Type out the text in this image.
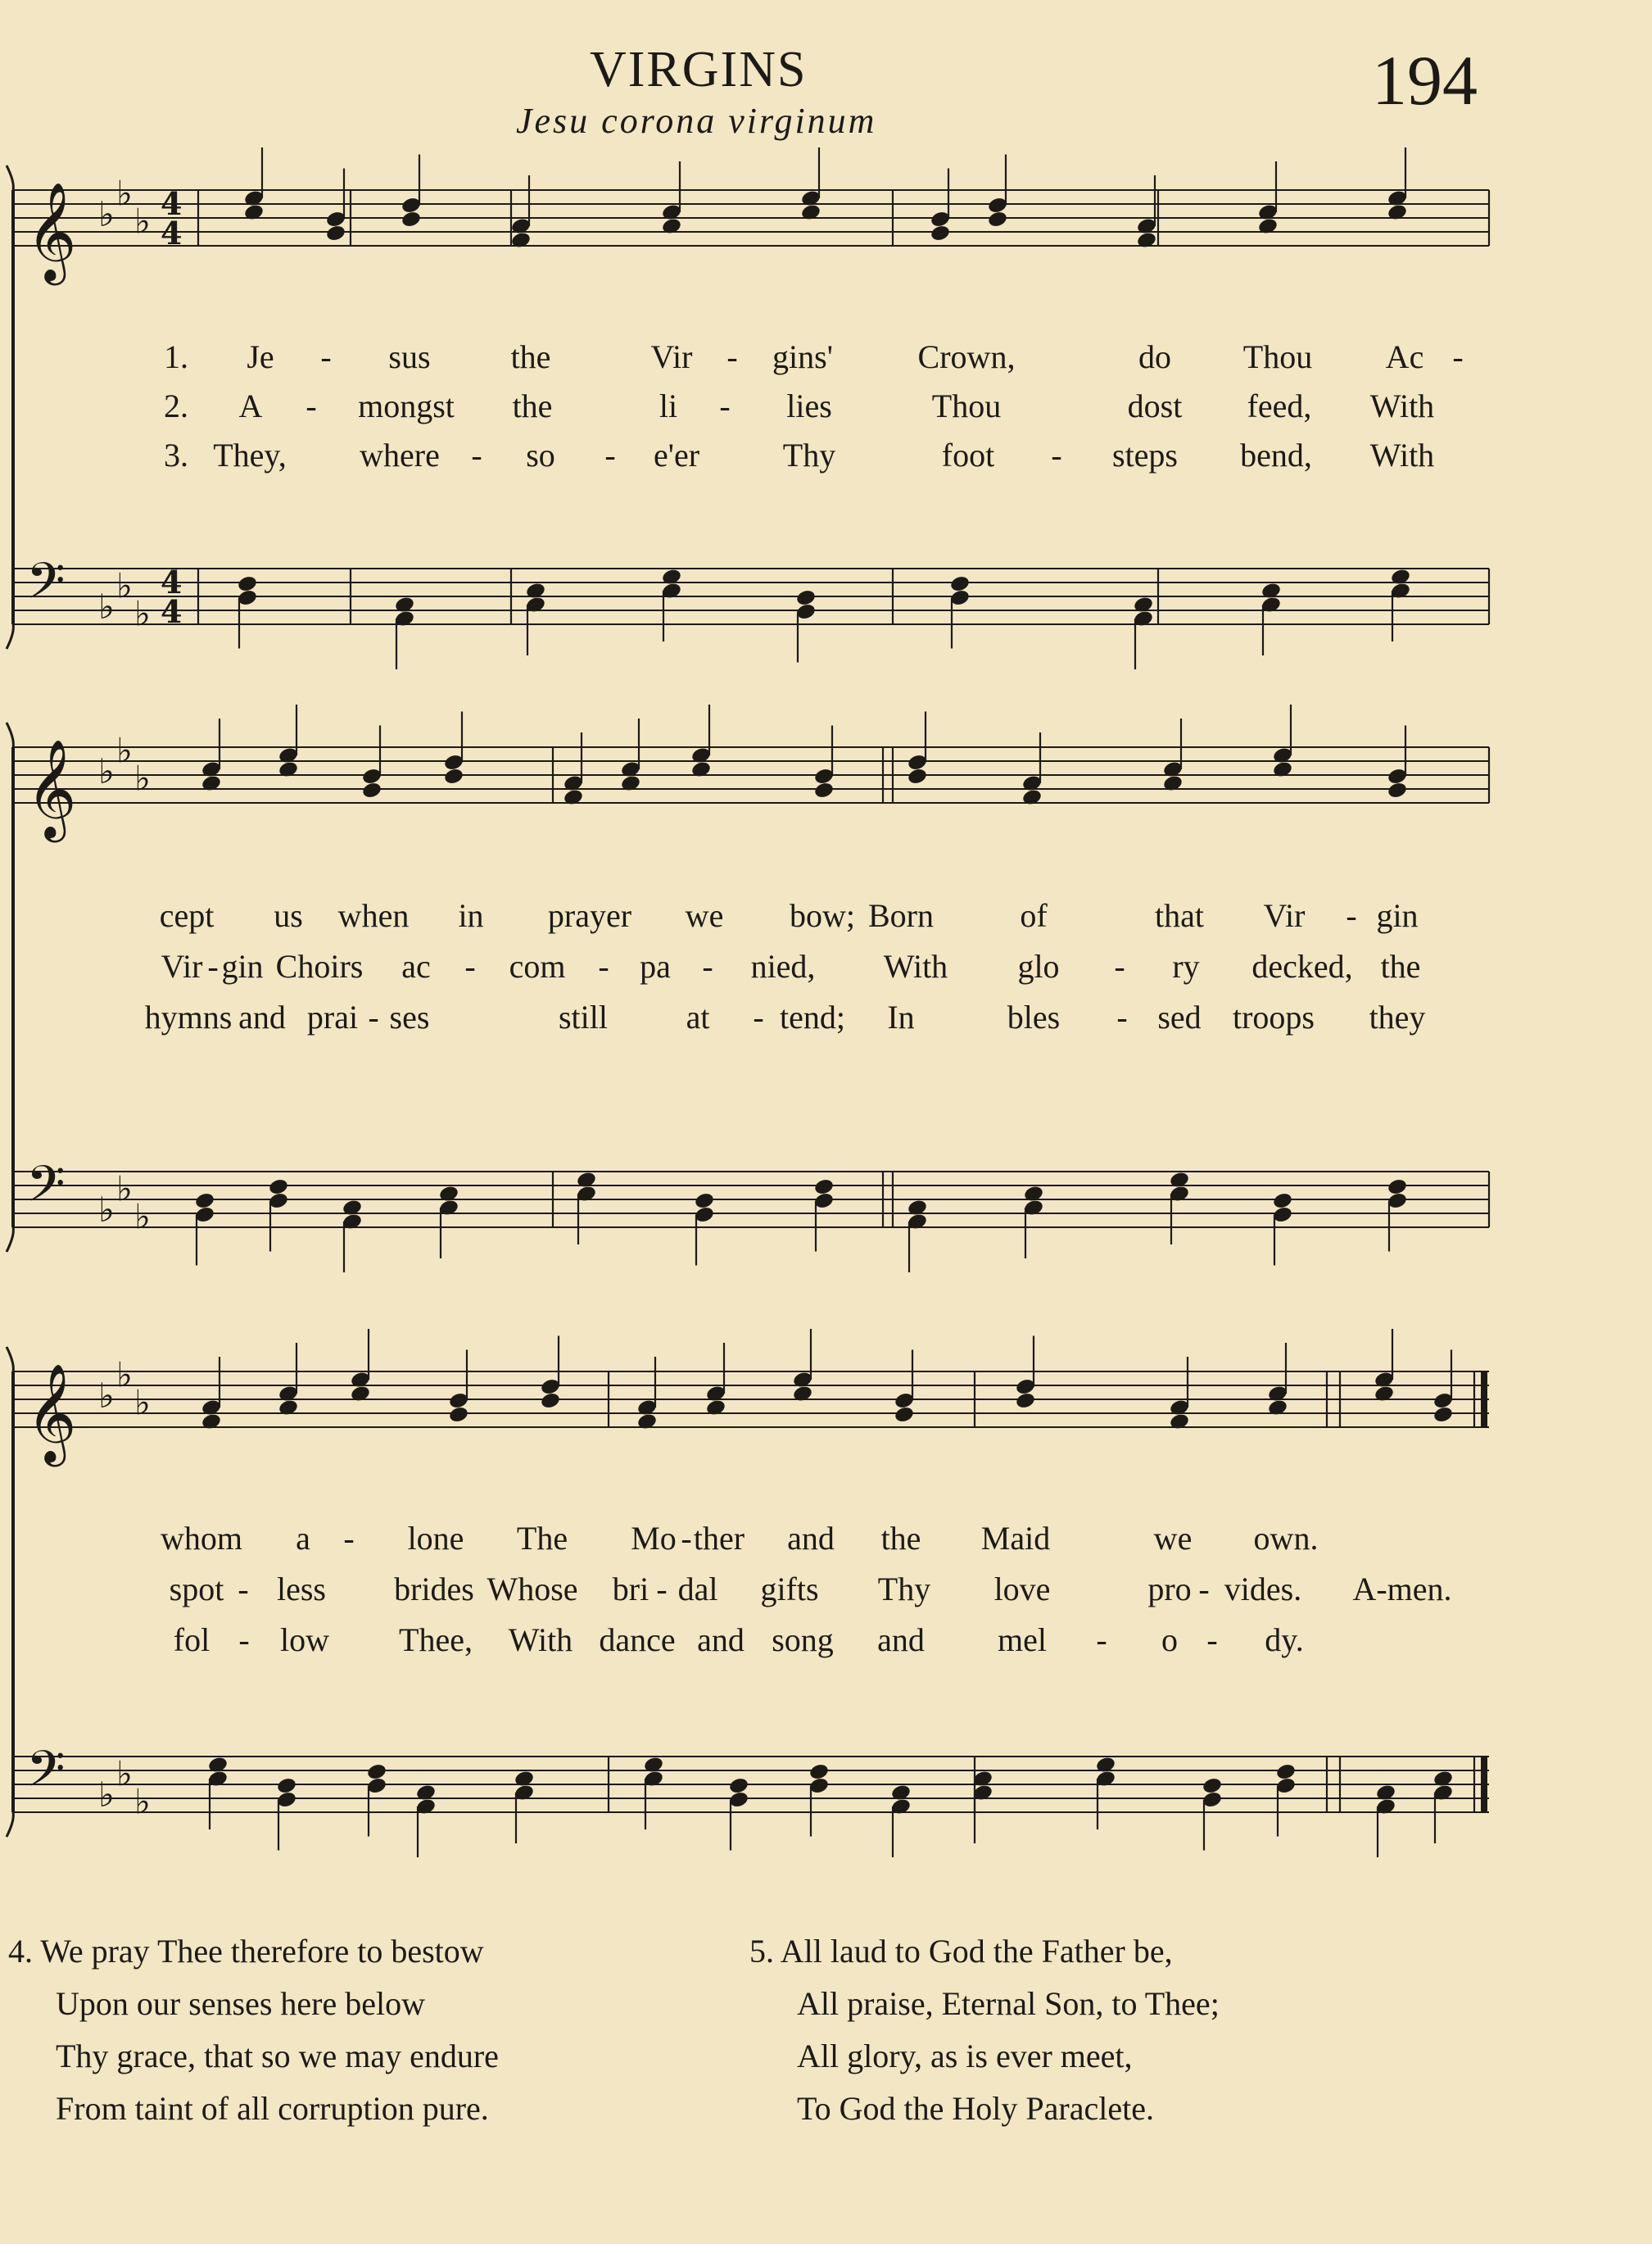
VIRGINS
Jesu corona virginum
194
𝄞 ♭
♭
♭ 4
4
𝄢 ♭
♭
♭
4
4
𝄞 ♭
♭
♭
𝄢 ♭
♭
♭
𝄞 ♭
♭
♭
𝄢 ♭
♭
♭
1. Je - sus the	Vir - gins'	Crown,	do Thou Ac -
2. A - mongst the	li - lies	Thou	dost feed, With
3. They, where - so - e'er	Thy	foot - steps bend, With
cept us when in prayer we bow; Born	of	that Vir - gin
Vir - gin Choirs ac - com - pa - nied, With glo - ry decked, the
hymns and prai - ses	still at - tend; In	bles - sed troops they
whom a - lone The Mo - ther and the Maid	we own.
spot - less brides Whose bri - dal gifts Thy love	pro - vides. A-men.
fol - low Thee, With dance and song and mel - o - dy.
4. We pray Thee therefore to bestow
Upon our senses here below
Thy grace, that so we may endure
From taint of all corruption pure.
5. All laud to God the Father be,
All praise, Eternal Son, to Thee;
All glory, as is ever meet,
To God the Holy Paraclete.
